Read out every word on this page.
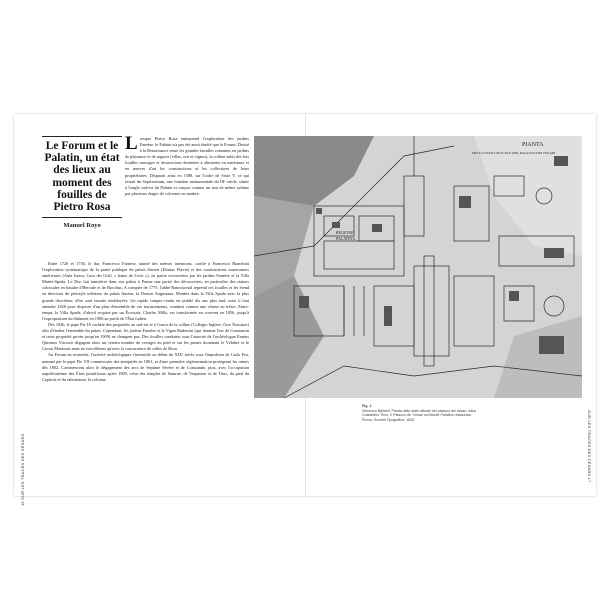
16 SUR LES TRACES DES CÉSARS	SUR LES TRACES DES CÉSARS 17
Le Forum et le Palatin, un état des lieux au moment des fouilles de Pietro Rosa
Manuel Royo
Lorsque Pietro Rosa entreprend l'exploration des jardins Farnèse, le Palatin n'a pas été aussi étudié que le Forum. Divisé à la Renaissance entre les grandes familles romaines en jardins de plaisance et de rapport (villas, orti et vignes), la colline subit des lots fouilles sauvages et destructions destinées à alimenter en matériaux et en œuvres d'art les constructions et les collections de leurs propriétaires. Disparait ainsi en 1588, sur l'ordre de Sixte V, ce qui restait du Septizonium, une fontaine monumentale du IIIᵉ siècle, située à l'angle sud-est du Palatin et conçue comme un nou de même rythme par plusieurs étages de colonnes en marbre.
Entre 1720 et 1730, le duc Francesco Farnèse, animé des mêmes intentions, confie à Francesco Bianchini l'exploration systématique de la partie publique du palais flavien (Domus Flavia) et des constructions souterraines antérieures (Aula Isiaca, Casa dei Grifi, « bains de Livie »), en partie recouvertes par les jardins Farnèse et la Villa Mattei-Spada. Le Duc fait transférer dans son palais à Parme une partie des découvertes, en particulier des statues colossales en basalte d'Hercule et de Bacchus. A compter de 1775, l'abbé Rancoureuil reprend ces fouilles et les étend en direction du péristyle inférieur du palais flavien, la Domus Augustana. Menées dans la Villa Spada avec la plus grande discrétion, elles sont ensuite remblayées. Un rapide compte rendu est publié dix ans plus tard, mais il faut attendre 1828 pour disposer d'un plan d'ensemble de ces terrassements, conduits comme une chasse au trésor. Entre-temps, la Villa Spada, d'abord acquise par un Écossais, Charles Mills, est transformée en couvent en 1856, jusqu'à l'expropriation du bâtiment en 1906 au profit de l'État italien.
Dès 1846, le pape Pie IX rachète des propriétés au sud-est et à l'ouest de la colline (Collegio Inglese, Orto Nussiner) afin d'étudier l'ensemble du palais. Cependant, les jardins Farnèse et la Vigna Barberini (qui domine l'arc de Constantin et reste propriété privée jusqu'en 1909) ne changent pas. Des fouilles conduites sous l'autorité de l'archéologue Ennius Quirinus Visconti dégagent alors un certain nombre de vestiges au pied et sur les pentes dominant le Vélabre et le Circus Maximus mais ne s'accélèrent qu'avec la concurrence de celles de Rosa.
Au Forum en revanche, l'activité archéologique s'intensifie au début du XIXᵉ siècle sous l'impulsion de Carlo Fea, nommé par le pape Pie VII commissaire des antiquités en 1801, et d'une première réglementation protégeant les ruines dès 1802. Commencent alors le dégagement des arcs de Septime Sévère et de Constantin, puis, avec l'occupation napoléonienne des États pontificaux après 1809, celui des temples de Saturne, de Vespasien et de Titus, du pied du Capitole et du tabularium, la colonne
PIANTA
DELLO STATO ATTUALE DEL PALAZZO DEI CESARI
REGIONE
PALATINA
Fig. 1.
Vincenzo Ballanti, Pianta dello stato attuale del palazzo dei cesari, dans Costantino Thon, Il Palazzo de' Cesari sul Monte Palatino restaurato, Roma, Società Tipografica, 1828
